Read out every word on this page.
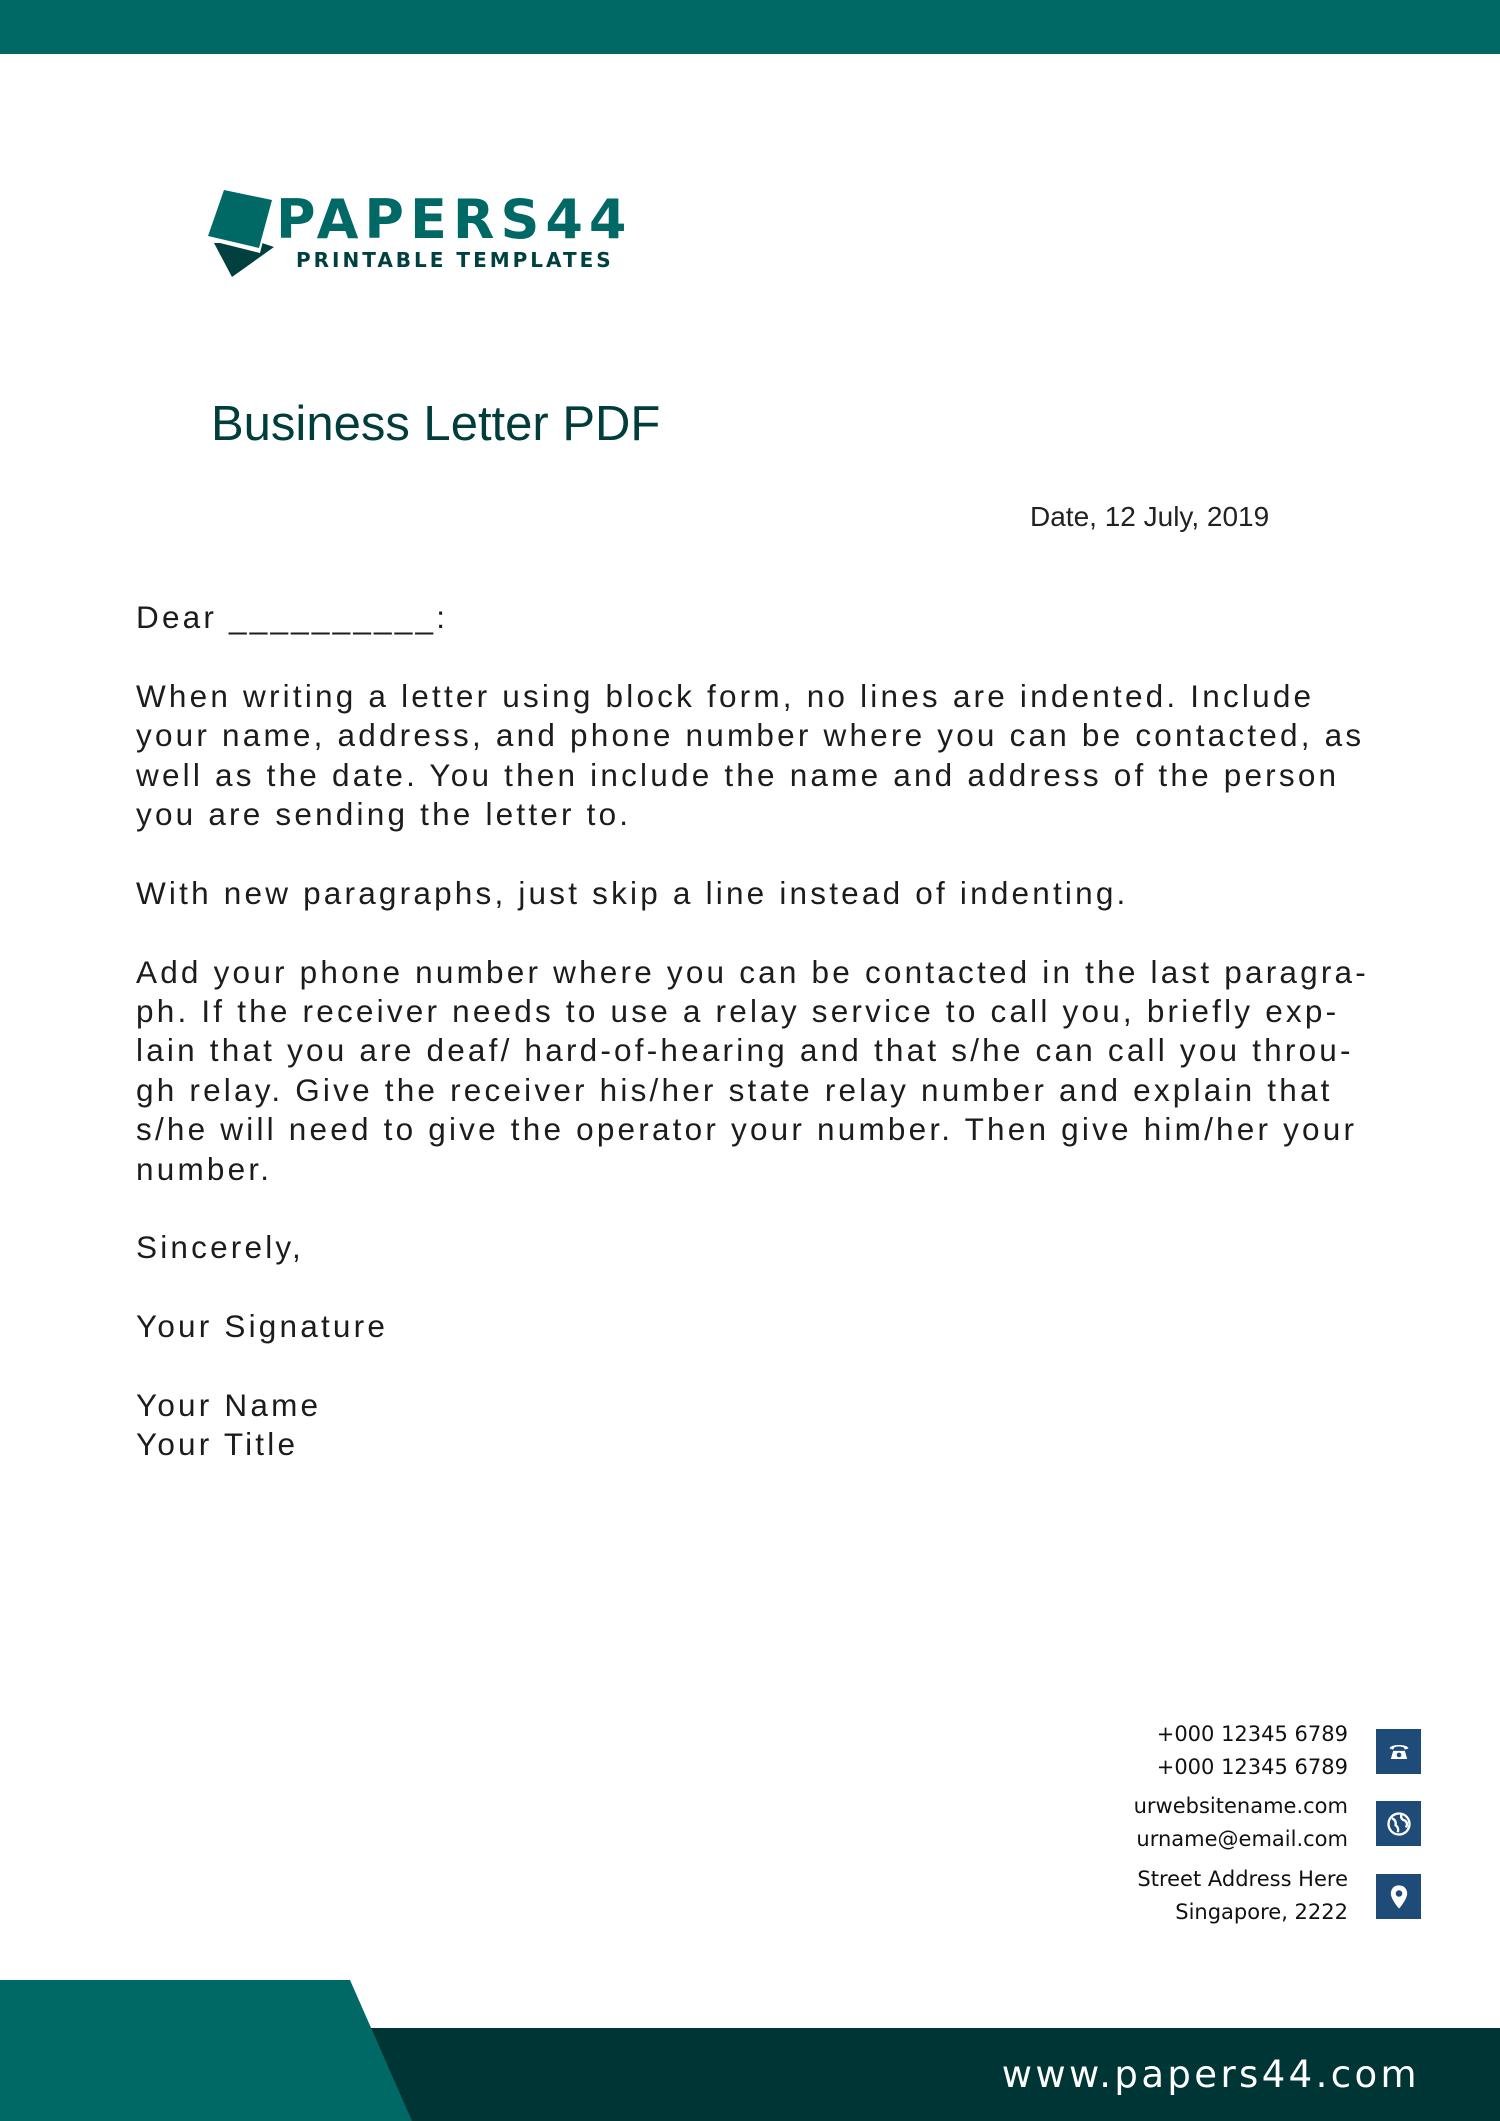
PAPERS44
PRINTABLE TEMPLATES
Business Letter PDF
Date, 12 July, 2019

Dear __________:

When writing a letter using block form, no lines are indented. Include
your name, address, and phone number where you can be contacted, as
well as the date. You then include the name and address of the person
you are sending the letter to.

With new paragraphs, just skip a line instead of indenting.

Add your phone number where you can be contacted in the last paragra-
ph. If the receiver needs to use a relay service to call you, briefly exp-
lain that you are deaf/ hard-of-hearing and that s/he can call you throu-
gh relay. Give the receiver his/her state relay number and explain that
s/he will need to give the operator your number. Then give him/her your
number.

Sincerely,

Your Signature

Your Name
Your Title

+000 12345 6789
+000 12345 6789
urwebsitename.com
urname@email.com
Street Address Here
Singapore, 2222
www.papers44.com
